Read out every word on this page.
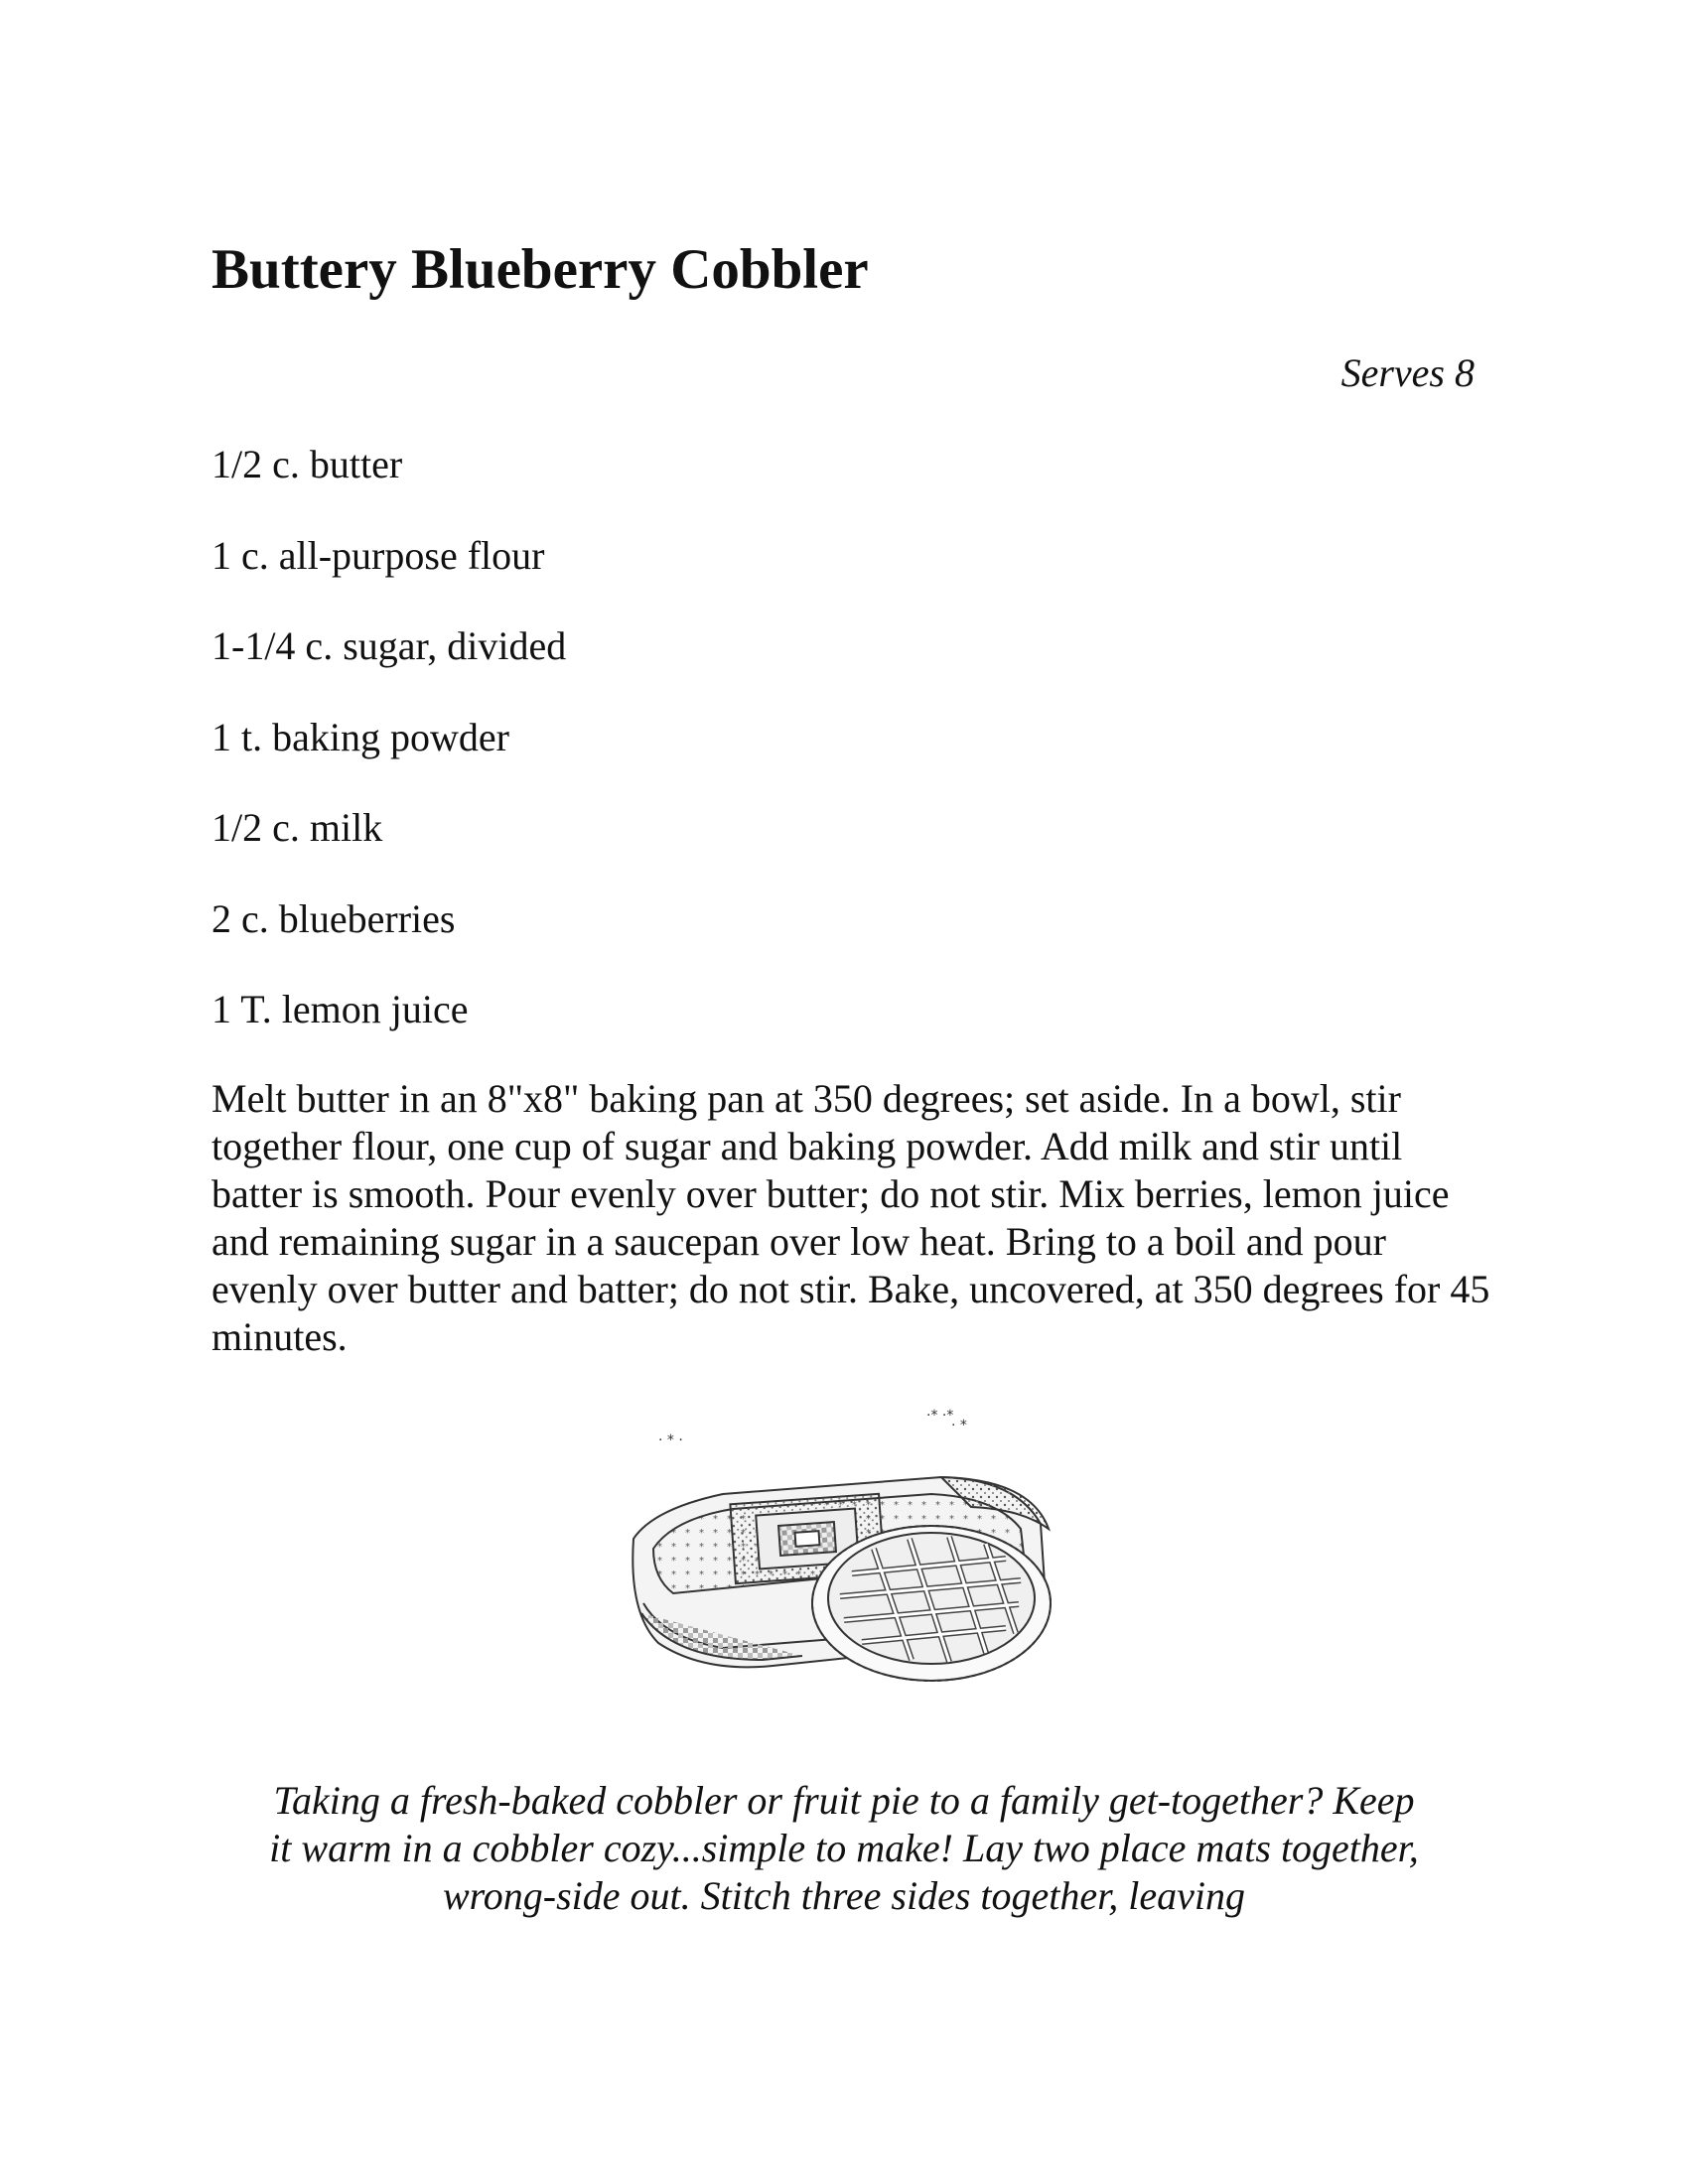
Buttery Blueberry Cobbler

Serves 8

1/2 c. butter
1 c. all-purpose flour
1-1/4 c. sugar, divided
1 t. baking powder
1/2 c. milk
2 c. blueberries
1 T. lemon juice

Melt butter in an 8"x8" baking pan at 350 degrees; set aside. In a bowl, stir together flour, one cup of sugar and baking powder. Add milk and stir until batter is smooth. Pour evenly over butter; do not stir. Mix berries, lemon juice and remaining sugar in a saucepan over low heat. Bring to a boil and pour evenly over butter and batter; do not stir. Bake, uncovered, at 350 degrees for 45 minutes.

· * ·
·* ·*
· *

Taking a fresh-baked cobbler or fruit pie to a family get-together? Keep it warm in a cobbler cozy...simple to make! Lay two place mats together, wrong-side out. Stitch three sides together, leaving
